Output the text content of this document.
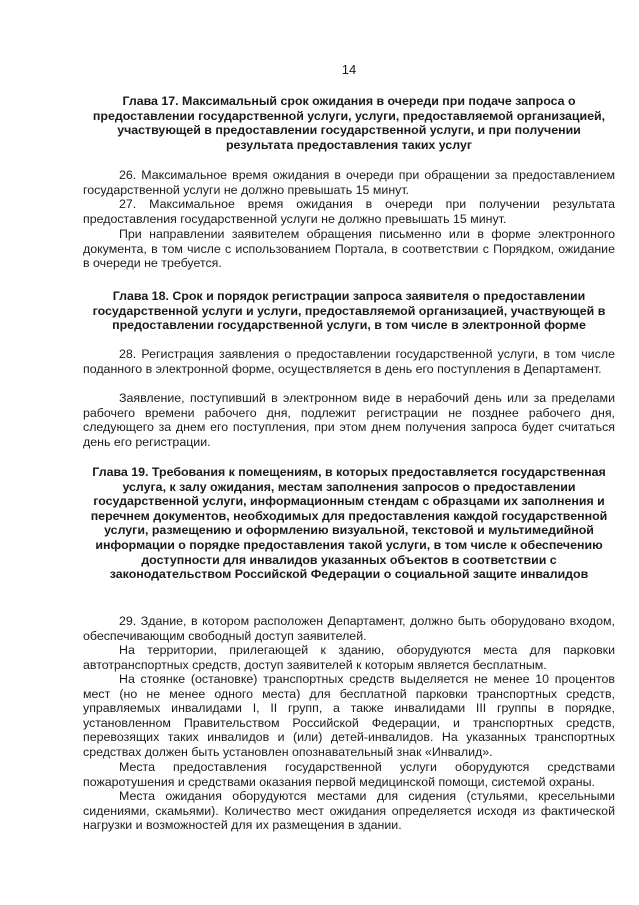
14
Глава 17. Максимальный срок ожидания в очереди при подаче запроса о предоставлении государственной услуги, услуги, предоставляемой организацией, участвующей в предоставлении государственной услуги, и при получении результата предоставления таких услуг
26. Максимальное время ожидания в очереди при обращении за предоставлением государственной услуги не должно превышать 15 минут.
27. Максимальное время ожидания в очереди при получении результата предоставления государственной услуги не должно превышать 15 минут.
При направлении заявителем обращения письменно или в форме электронного документа, в том числе с использованием Портала, в соответствии с Порядком, ожидание в очереди не требуется.
Глава 18. Срок и порядок регистрации запроса заявителя о предоставлении государственной услуги и услуги, предоставляемой организацией, участвующей в предоставлении государственной услуги, в том числе в электронной форме
28. Регистрация заявления о предоставлении государственной услуги, в том числе поданного в электронной форме, осуществляется в день его поступления в Департамент.
Заявление, поступивший в электронном виде в нерабочий день или за пределами рабочего времени рабочего дня, подлежит регистрации не позднее рабочего дня, следующего за днем его поступления, при этом днем получения запроса будет считаться день его регистрации.
Глава 19. Требования к помещениям, в которых предоставляется государственная услуга, к залу ожидания, местам заполнения запросов о предоставлении государственной услуги, информационным стендам с образцами их заполнения и перечнем документов, необходимых для предоставления каждой государственной услуги, размещению и оформлению визуальной, текстовой и мультимедийной информации о порядке предоставления такой услуги, в том числе к обеспечению доступности для инвалидов указанных объектов в соответствии с законодательством Российской Федерации о социальной защите инвалидов
29. Здание, в котором расположен Департамент, должно быть оборудовано входом, обеспечивающим свободный доступ заявителей.
На территории, прилегающей к зданию, оборудуются места для парковки автотранспортных средств, доступ заявителей к которым является бесплатным.
На стоянке (остановке) транспортных средств выделяется не менее 10 процентов мест (но не менее одного места) для бесплатной парковки транспортных средств, управляемых инвалидами I, II групп, а также инвалидами III группы в порядке, установленном Правительством Российской Федерации, и транспортных средств, перевозящих таких инвалидов и (или) детей-инвалидов. На указанных транспортных средствах должен быть установлен опознавательный знак «Инвалид».
Места предоставления государственной услуги оборудуются средствами пожаротушения и средствами оказания первой медицинской помощи, системой охраны.
Места ожидания оборудуются местами для сидения (стульями, кресельными сидениями, скамьями). Количество мест ожидания определяется исходя из фактической нагрузки и возможностей для их размещения в здании.
